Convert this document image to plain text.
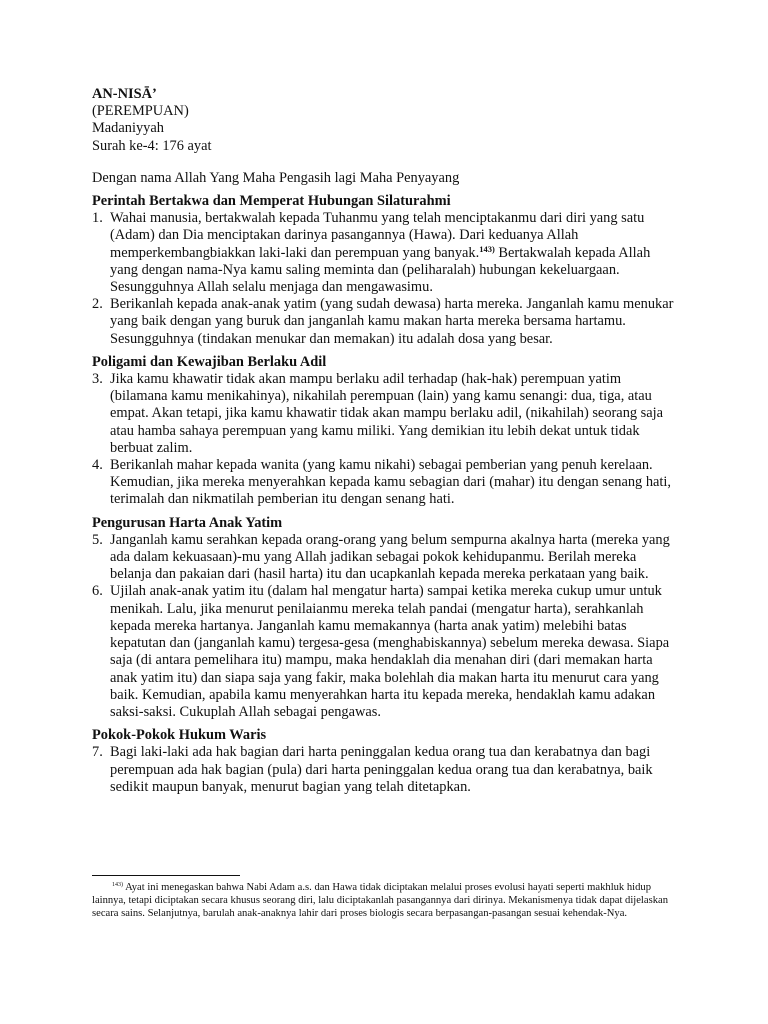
AN-NISĀ’

(PEREMPUAN)

Madaniyyah

Surah ke-4: 176 ayat

Dengan nama Allah Yang Maha Pengasih lagi Maha Penyayang

Perintah Bertakwa dan Memperat Hubungan Silaturahmi

1. Wahai manusia, bertakwalah kepada Tuhanmu yang telah menciptakanmu dari diri yang satu (Adam) dan Dia menciptakan darinya pasangannya (Hawa). Dari keduanya Allah memperkembangbiakkan laki-laki dan perempuan yang banyak.$^{143)}$ Bertakwalah kepada Allah yang dengan nama-Nya kamu saling meminta dan (peliharalah) hubungan kekeluargaan. Sesungguhnya Allah selalu menjaga dan mengawasimu.
2. Berikanlah kepada anak-anak yatim (yang sudah dewasa) harta mereka. Janganlah kamu menukar yang baik dengan yang buruk dan janganlah kamu makan harta mereka bersama hartamu. Sesungguhnya (tindakan menukar dan memakan) itu adalah dosa yang besar.

Poligami dan Kewajiban Berlaku Adil

3. Jika kamu khawatir tidak akan mampu berlaku adil terhadap (hak-hak) perempuan yatim (bilamana kamu menikahinya), nikahilah perempuan (lain) yang kamu senangi: dua, tiga, atau empat. Akan tetapi, jika kamu khawatir tidak akan mampu berlaku adil, (nikahilah) seorang saja atau hamba sahaya perempuan yang kamu miliki. Yang demikian itu lebih dekat untuk tidak berbuat zalim.
4. Berikanlah mahar kepada wanita (yang kamu nikahi) sebagai pemberian yang penuh kerelaan. Kemudian, jika mereka menyerahkan kepada kamu sebagian dari (mahar) itu dengan senang hati, terimalah dan nikmatilah pemberian itu dengan senang hati.

Pengurusan Harta Anak Yatim

5. Janganlah kamu serahkan kepada orang-orang yang belum sempurna akalnya harta (mereka yang ada dalam kekuasaan)-mu yang Allah jadikan sebagai pokok kehidupanmu. Berilah mereka belanja dan pakaian dari (hasil harta) itu dan ucapkanlah kepada mereka perkataan yang baik.
6. Ujilah anak-anak yatim itu (dalam hal mengatur harta) sampai ketika mereka cukup umur untuk menikah. Lalu, jika menurut penilaianmu mereka telah pandai (mengatur harta), serahkanlah kepada mereka hartanya. Janganlah kamu memakannya (harta anak yatim) melebihi batas kepatutan dan (janganlah kamu) tergesa-gesa (menghabiskannya) sebelum mereka dewasa. Siapa saja (di antara pemelihara itu) mampu, maka hendaklah dia menahan diri (dari memakan harta anak yatim itu) dan siapa saja yang fakir, maka bolehlah dia makan harta itu menurut cara yang baik. Kemudian, apabila kamu menyerahkan harta itu kepada mereka, hendaklah kamu adakan saksi-saksi. Cukuplah Allah sebagai pengawas.

Pokok-Pokok Hukum Waris

7. Bagi laki-laki ada hak bagian dari harta peninggalan kedua orang tua dan kerabatnya dan bagi perempuan ada hak bagian (pula) dari harta peninggalan kedua orang tua dan kerabatnya, baik sedikit maupun banyak, menurut bagian yang telah ditetapkan.
$^{143)}$ Ayat ini menegaskan bahwa Nabi Adam a.s. dan Hawa tidak diciptakan melalui proses evolusi hayati seperti makhluk hidup lainnya, tetapi diciptakan secara khusus seorang diri, lalu diciptakanlah pasangannya dari dirinya. Mekanismenya tidak dapat dijelaskan secara sains. Selanjutnya, barulah anak-anaknya lahir dari proses biologis secara berpasangan-pasangan sesuai kehendak-Nya.
